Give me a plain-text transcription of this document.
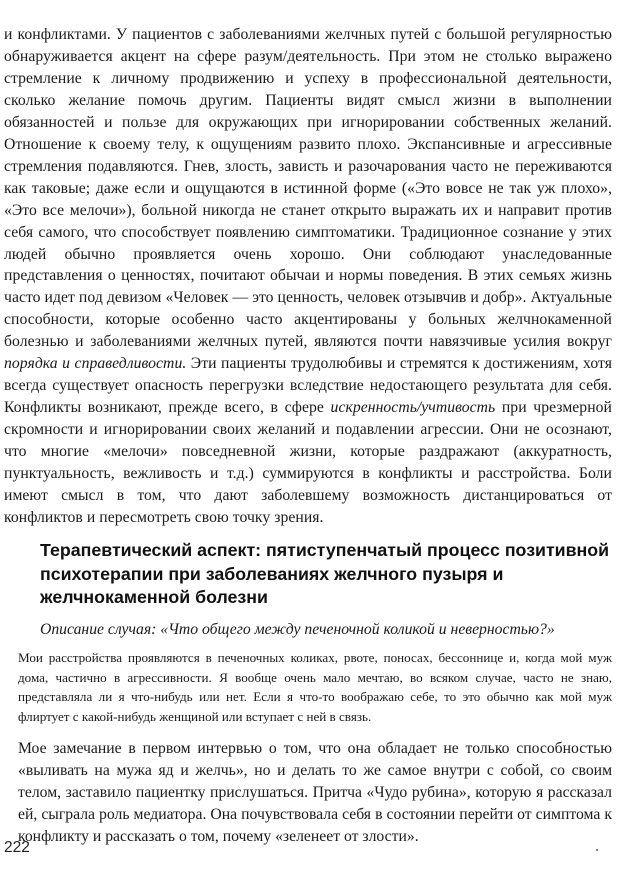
и конфликтами. У пациентов с заболеваниями желчных путей с большой регулярностью обнаруживается акцент на сфере разум/деятельность. При этом не столько выражено стремление к личному продвижению и успеху в профессиональной деятельности, сколько желание помочь другим. Пациенты видят смысл жизни в выполнении обязанностей и пользе для окружающих при игнорировании собственных желаний. Отношение к своему телу, к ощущениям развито плохо. Экспансивные и агрессивные стремления подавляются. Гнев, злость, зависть и разочарования часто не переживаются как таковые; даже если и ощущаются в истинной форме («Это вовсе не так уж плохо», «Это все мелочи»), больной никогда не станет открыто выражать их и направит против себя самого, что способствует появлению симптоматики. Традиционное сознание у этих людей обычно проявляется очень хорошо. Они соблюдают унаследованные представления о ценностях, почитают обычаи и нормы поведения. В этих семьях жизнь часто идет под девизом «Человек — это ценность, человек отзывчив и добр». Актуальные способности, которые особенно часто акцентированы у больных желчнокаменной болезнью и заболеваниями желчных путей, являются почти навязчивые усилия вокруг порядка и справедливости. Эти пациенты трудолюбивы и стремятся к достижениям, хотя всегда существует опасность перегрузки вследствие недостающего результата для себя. Конфликты возникают, прежде всего, в сфере искренность/учтивость при чрезмерной скромности и игнорировании своих желаний и подавлении агрессии. Они не осознают, что многие «мелочи» повседневной жизни, которые раздражают (аккуратность, пунктуальность, вежливость и т.д.) суммируются в конфликты и расстройства. Боли имеют смысл в том, что дают заболевшему возможность дистанцироваться от конфликтов и пересмотреть свою точку зрения.
Терапевтический аспект: пятиступенчатый процесс позитивной психотерапии при заболеваниях желчного пузыря и желчнокаменной болезни
Описание случая: «Что общего между печеночной коликой и неверностью?»
Мои расстройства проявляются в печеночных коликах, рвоте, поносах, бессоннице и, когда мой муж дома, частично в агрессивности. Я вообще очень мало мечтаю, во всяком случае, часто не знаю, представляла ли я что-нибудь или нет. Если я что-то воображаю себе, то это обычно как мой муж флиртует с какой-нибудь женщиной или вступает с ней в связь.
Мое замечание в первом интервью о том, что она обладает не только способностью «выливать на мужа яд и желчь», но и делать то же самое внутри с собой, со своим телом, заставило пациентку прислушаться. Притча «Чудо рубина», которую я рассказал ей, сыграла роль медиатора. Она почувствовала себя в состоянии перейти от симптома к конфликту и рассказать о том, почему «зеленеет от злости».
222
